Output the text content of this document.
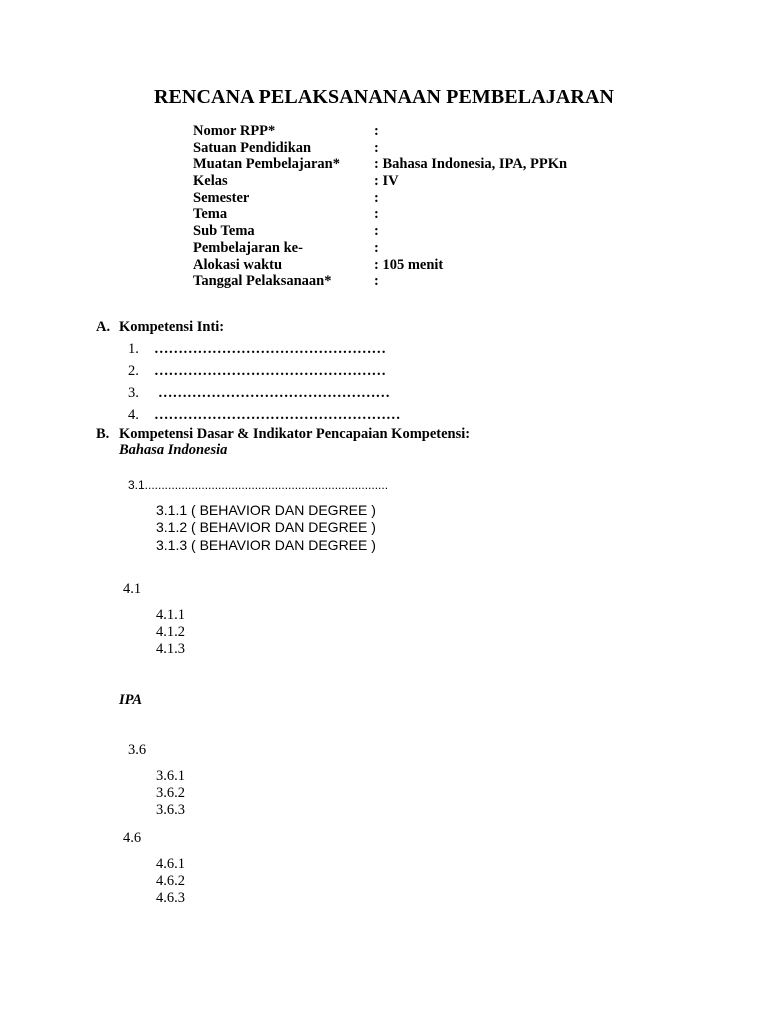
RENCANA PELAKSANANAAN PEMBELAJARAN
Nomor RPP*	:
Satuan Pendidikan	:
Muatan Pembelajaran* : Bahasa Indonesia, IPA, PPKn
Kelas	: IV
Semester	:
Tema	:
Sub Tema	:
Pembelajaran ke-	:
Alokasi waktu	: 105 menit
Tanggal Pelaksanaan*	:
A. Kompetensi Inti:
1. …………………………………………
2. …………………………………………
3. …………………………………………
4. ……………………………………………
B. Kompetensi Dasar & Indikator Pencapaian Kompetensi:
Bahasa Indonesia
3.1.........................................................................
3.1.1 ( BEHAVIOR DAN DEGREE )
3.1.2 ( BEHAVIOR DAN DEGREE )
3.1.3 ( BEHAVIOR DAN DEGREE )
4.1
4.1.1
4.1.2
4.1.3
IPA
3.6
3.6.1
3.6.2
3.6.3
4.6
4.6.1
4.6.2
4.6.3
